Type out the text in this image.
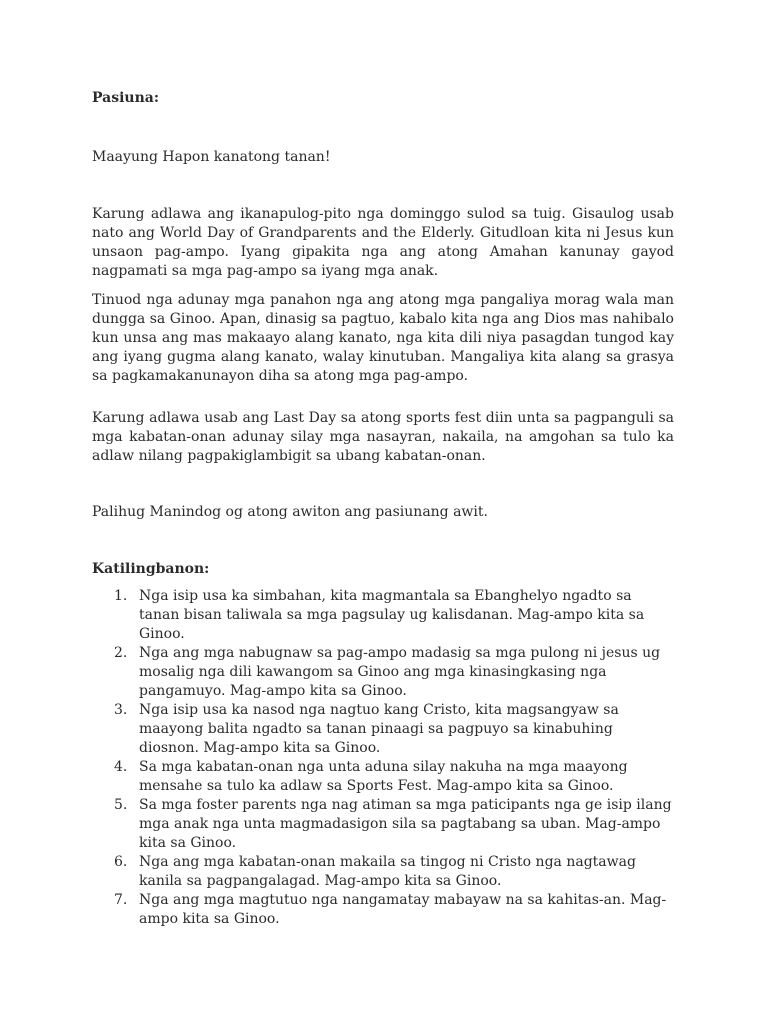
Pasiuna:
Maayung Hapon kanatong tanan!
Karung adlawa ang ikanapulog-pito nga dominggo sulod sa tuig. Gisaulog usab nato ang World Day of Grandparents and the Elderly. Gitudloan kita ni Jesus kun unsaon pag-ampo. Iyang gipakita nga ang atong Amahan kanunay gayod nagpamati sa mga pag-ampo sa iyang mga anak.
Tinuod nga adunay mga panahon nga ang atong mga pangaliya morag wala man dungga sa Ginoo. Apan, dinasig sa pagtuo, kabalo kita nga ang Dios mas nahibalo kun unsa ang mas makaayo alang kanato, nga kita dili niya pasagdan tungod kay ang iyang gugma alang kanato, walay kinutuban. Mangaliya kita alang sa grasya sa pagkamakanunayon diha sa atong mga pag-ampo.
Karung adlawa usab ang Last Day sa atong sports fest diin unta sa pagpanguli sa mga kabatan-onan adunay silay mga nasayran, nakaila, na amgohan sa tulo ka adlaw nilang pagpakiglambigit sa ubang kabatan-onan.
Palihug Manindog og atong awiton ang pasiunang awit.
Katilingbanon:
1. Nga isip usa ka simbahan, kita magmantala sa Ebanghelyo ngadto sa tanan bisan taliwala sa mga pagsulay ug kalisdanan. Mag-ampo kita sa Ginoo.
2. Nga ang mga nabugnaw sa pag-ampo madasig sa mga pulong ni jesus ug mosalig nga dili kawangom sa Ginoo ang mga kinasingkasing nga pangamuyo. Mag-ampo kita sa Ginoo.
3. Nga isip usa ka nasod nga nagtuo kang Cristo, kita magsangyaw sa maayong balita ngadto sa tanan pinaagi sa pagpuyo sa kinabuhing diosnon. Mag-ampo kita sa Ginoo.
4. Sa mga kabatan-onan nga unta aduna silay nakuha na mga maayong mensahe sa tulo ka adlaw sa Sports Fest. Mag-ampo kita sa Ginoo.
5. Sa mga foster parents nga nag atiman sa mga paticipants nga ge isip ilang mga anak nga unta magmadasigon sila sa pagtabang sa uban. Mag-ampo kita sa Ginoo.
6. Nga ang mga kabatan-onan makaila sa tingog ni Cristo nga nagtawag kanila sa pagpangalagad. Mag-ampo kita sa Ginoo.
7. Nga ang mga magtutuo nga nangamatay mabayaw na sa kahitas-an. Mag-ampo kita sa Ginoo.
